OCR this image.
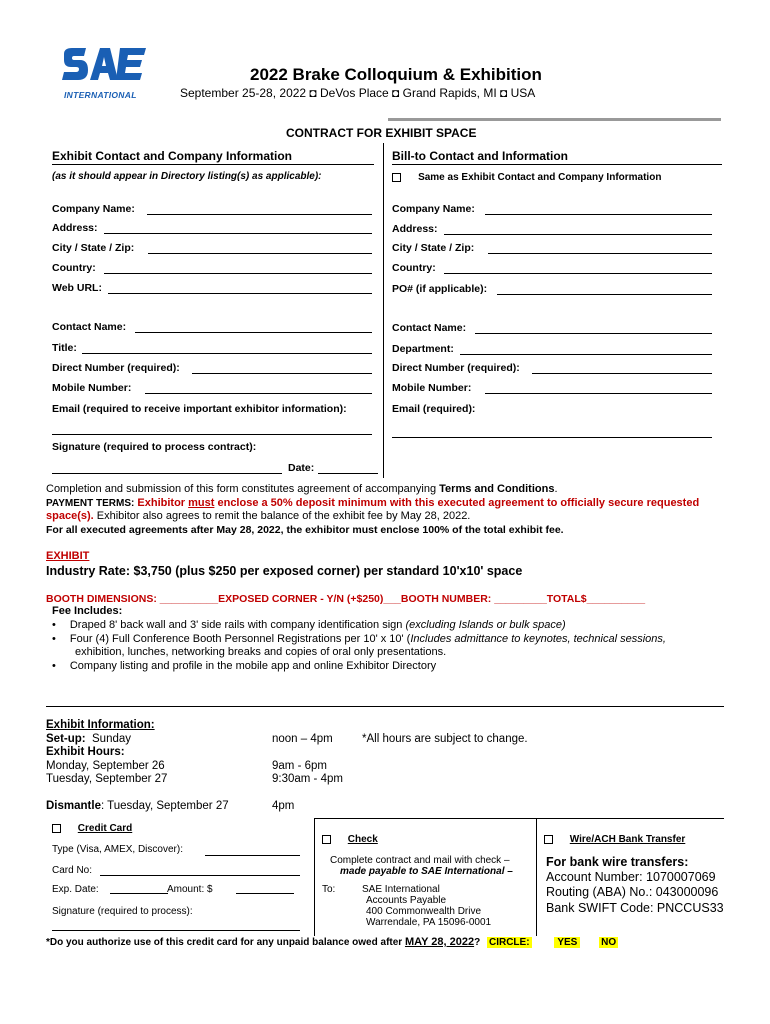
INTERNATIONAL
2022 Brake Colloquium & Exhibition
September 25-28, 2022 ◘ DeVos Place ◘ Grand Rapids, MI ◘ USA
CONTRACT FOR EXHIBIT SPACE
Exhibit Contact and Company Information
(as it should appear in Directory listing(s) as applicable):
Company Name:
Address:
City / State / Zip:
Country:
Web URL:
Contact Name:
Title:
Direct Number (required):
Mobile Number:
Email (required to receive important exhibitor information):
Signature (required to process contract):
Date:
Bill-to Contact and Information
Same as Exhibit Contact and Company Information
Company Name:
Address:
City / State / Zip:
Country:
PO# (if applicable):
Contact Name:
Department:
Direct Number (required):
Mobile Number:
Email (required):
Completion and submission of this form constitutes agreement of accompanying Terms and Conditions.
PAYMENT TERMS: Exhibitor must enclose a 50% deposit minimum with this executed agreement to officially secure requested
space(s). Exhibitor also agrees to remit the balance of the exhibit fee by May 28, 2022.
For all executed agreements after May 28, 2022, the exhibitor must enclose 100% of the total exhibit fee.
EXHIBIT
Industry Rate: $3,750 (plus $250 per exposed corner) per standard 10'x10' space
BOOTH DIMENSIONS: __________EXPOSED CORNER - Y/N (+$250)___BOOTH NUMBER: _________TOTAL$__________
Fee Includes:
• Draped 8' back wall and 3' side rails with company identification sign (excluding Islands or bulk space)
• Four (4) Full Conference Booth Personnel Registrations per 10' x 10' (Includes admittance to keynotes, technical sessions,
exhibition, lunches, networking breaks and copies of oral only presentations.
• Company listing and profile in the mobile app and online Exhibitor Directory
Exhibit Information:
Set-up:  Sunday	noon – 4pm	*All hours are subject to change.
Exhibit Hours:
Monday, September 26	9am - 6pm
Tuesday, September 27	9:30am - 4pm
Dismantle: Tuesday, September 27	4pm
Credit Card
Type (Visa, AMEX, Discover):
Card No:
Exp. Date:	Amount: $
Signature (required to process):
Check
Complete contract and mail with check –
made payable to SAE International –
To:	SAE International
Accounts Payable
400 Commonwealth Drive
Warrendale, PA 15096-0001
Wire/ACH Bank Transfer
For bank wire transfers:
Account Number: 1070007069
Routing (ABA) No.: 043000096
Bank SWIFT Code: PNCCUS33
*Do you authorize use of this credit card for any unpaid balance owed after MAY 28, 2022? CIRCLE:	YES NO
